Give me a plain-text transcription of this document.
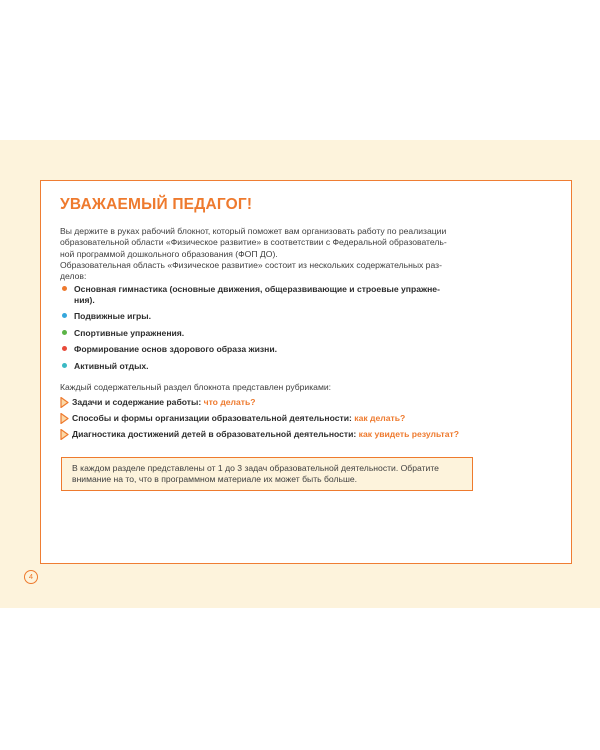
УВАЖАЕМЫЙ ПЕДАГОГ!

Вы держите в руках рабочий блокнот, который поможет вам организовать работу по реализации
образовательной области «Физическое развитие» в соответствии с Федеральной образователь-
ной программой дошкольного образования (ФОП ДО).
Образовательная область «Физическое развитие» состоит из нескольких содержательных раз-
делов:

Основная гимнастика (основные движения, общеразвивающие и строевые упражне-
ния).
Подвижные игры.
Спортивные упражнения.
Формирование основ здорового образа жизни.
Активный отдых.

Каждый содержательный раздел блокнота представлен рубриками:

Задачи и содержание работы: что делать?
Способы и формы организации образовательной деятельности: как делать?
Диагностика достижений детей в образовательной деятельности: как увидеть результат?

В каждом разделе представлены от 1 до 3 задач образовательной деятельности. Обратите
внимание на то, что в программном материале их может быть больше.

4
